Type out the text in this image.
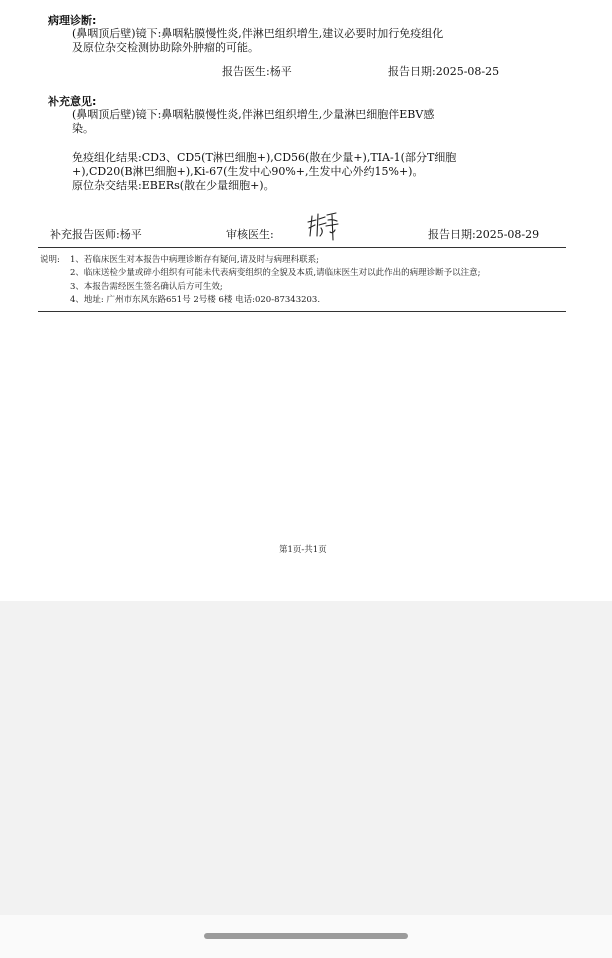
病理诊断:
(鼻咽顶后壁)镜下:鼻咽粘膜慢性炎,伴淋巴组织增生,建议必要时加行免疫组化
及原位杂交检测协助除外肿瘤的可能。
报告医生:杨平	报告日期:2025-08-25
补充意见:
(鼻咽顶后壁)镜下:鼻咽粘膜慢性炎,伴淋巴组织增生,少量淋巴细胞伴EBV感
染。
免疫组化结果:CD3、CD5(T淋巴细胞+),CD56(散在少量+),TIA-1(部分T细胞
+),CD20(B淋巴细胞+),Ki-67(生发中心90%+,生发中心外约15%+)。
原位杂交结果:EBERs(散在少量细胞+)。
补充报告医师:杨平	审核医生:	报告日期:2025-08-29
说明: 1、若临床医生对本报告中病理诊断存有疑问,请及时与病理科联系;
2、临床送检少量或碎小组织有可能未代表病变组织的全貌及本质,请临床医生对以此作出的病理诊断予以注意;
3、本报告需经医生签名确认后方可生效;
4、地址: 广州市东风东路651号 2号楼 6楼 电话:020-87343203.
第1页-共1页
